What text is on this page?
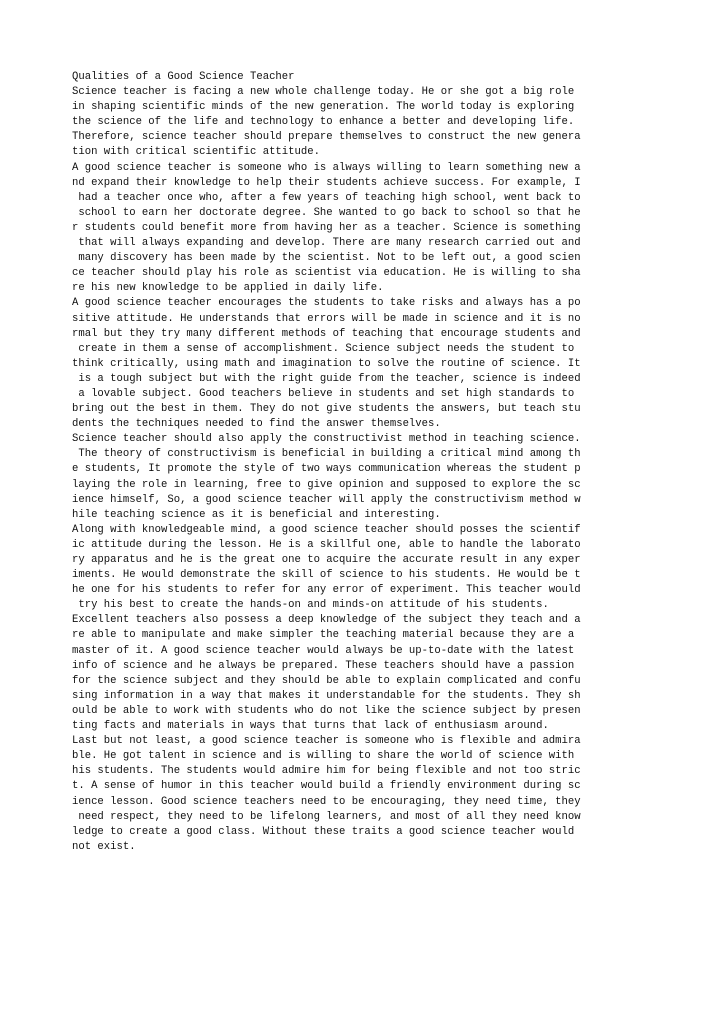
Qualities of a Good Science Teacher
Science teacher is facing a new whole challenge today. He or she got a big role
in shaping scientific minds of the new generation. The world today is exploring
the science of the life and technology to enhance a better and developing life.
Therefore, science teacher should prepare themselves to construct the new genera
tion with critical scientific attitude.
A good science teacher is someone who is always willing to learn something new a
nd expand their knowledge to help their students achieve success. For example, I
had a teacher once who, after a few years of teaching high school, went back to
school to earn her doctorate degree. She wanted to go back to school so that he
r students could benefit more from having her as a teacher. Science is something
that will always expanding and develop. There are many research carried out and
many discovery has been made by the scientist. Not to be left out, a good scien
ce teacher should play his role as scientist via education. He is willing to sha
re his new knowledge to be applied in daily life.
A good science teacher encourages the students to take risks and always has a po
sitive attitude. He understands that errors will be made in science and it is no
rmal but they try many different methods of teaching that encourage students and
create in them a sense of accomplishment. Science subject needs the student to
think critically, using math and imagination to solve the routine of science. It
is a tough subject but with the right guide from the teacher, science is indeed
a lovable subject. Good teachers believe in students and set high standards to
bring out the best in them. They do not give students the answers, but teach stu
dents the techniques needed to find the answer themselves.
Science teacher should also apply the constructivist method in teaching science.
The theory of constructivism is beneficial in building a critical mind among th
e students, It promote the style of two ways communication whereas the student p
laying the role in learning, free to give opinion and supposed to explore the sc
ience himself, So, a good science teacher will apply the constructivism method w
hile teaching science as it is beneficial and interesting.
Along with knowledgeable mind, a good science teacher should posses the scientif
ic attitude during the lesson. He is a skillful one, able to handle the laborato
ry apparatus and he is the great one to acquire the accurate result in any exper
iments. He would demonstrate the skill of science to his students. He would be t
he one for his students to refer for any error of experiment. This teacher would
try his best to create the hands-on and minds-on attitude of his students.
Excellent teachers also possess a deep knowledge of the subject they teach and a
re able to manipulate and make simpler the teaching material because they are a
master of it. A good science teacher would always be up-to-date with the latest
info of science and he always be prepared. These teachers should have a passion
for the science subject and they should be able to explain complicated and confu
sing information in a way that makes it understandable for the students. They sh
ould be able to work with students who do not like the science subject by presen
ting facts and materials in ways that turns that lack of enthusiasm around.
Last but not least, a good science teacher is someone who is flexible and admira
ble. He got talent in science and is willing to share the world of science with
his students. The students would admire him for being flexible and not too stric
t. A sense of humor in this teacher would build a friendly environment during sc
ience lesson. Good science teachers need to be encouraging, they need time, they
need respect, they need to be lifelong learners, and most of all they need know
ledge to create a good class. Without these traits a good science teacher would
not exist.
